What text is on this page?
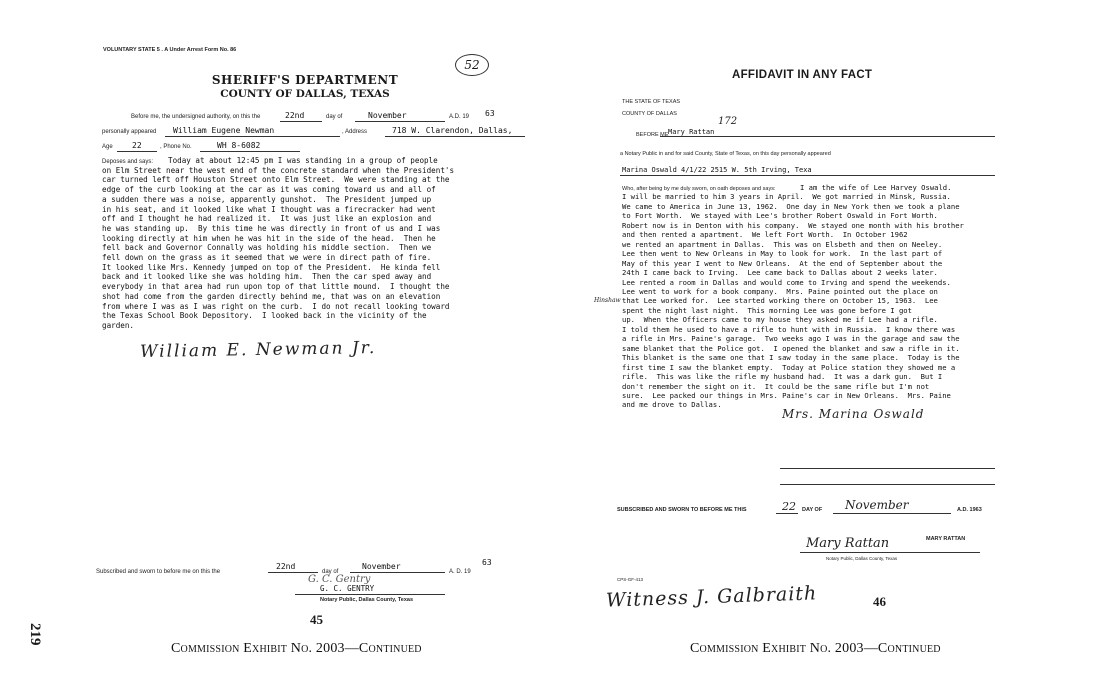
219
VOLUNTARY STATE 5 . A Under Arrest Form No. 86
SHERIFF'S DEPARTMENT
COUNTY OF DALLAS, TEXAS
52
Before me, the undersigned authority, on this the	22nd	day of	November	A.D. 19 63
personally appeared William Eugene Newman	, Address	718 W. Clarendon, Dallas,
Age 22	, Phone No.	WH 8-6082
Deposes and says:	Today at about 12:45 pm I was standing in a group of people
on Elm Street near the west end of the concrete standard when the President's
car turned left off Houston Street onto Elm Street.  We were standing at the
edge of the curb looking at the car as it was coming toward us and all of
a sudden there was a noise, apparently gunshot.  The President jumped up
in his seat, and it looked like what I thought was a firecracker had went
off and I thought he had realized it.  It was just like an explosion and
he was standing up.  By this time he was directly in front of us and I was
looking directly at him when he was hit in the side of the head.  Then he
fell back and Governor Connally was holding his middle section.  Then we
fell down on the grass as it seemed that we were in direct path of fire.
It looked like Mrs. Kennedy jumped on top of the President.  He kinda fell
back and it looked like she was holding him.  Then the car sped away and
everybody in that area had run upon top of that little mound.  I thought the
shot had come from the garden directly behind me, that was on an elevation
from where I was as I was right on the curb.  I do not recall looking toward
the Texas School Book Depository.  I looked back in the vicinity of the
garden.
William E. Newman Jr.
Subscribed and sworn to before me on this the
22nd
day of
November
A. D. 19
63
G. C. Gentry
G. C. GENTRY
Notary Public, Dallas County, Texas
45
AFFIDAVIT IN ANY FACT
THE STATE OF TEXAS
COUNTY OF DALLAS
BEFORE ME Mary Rattan
172
a Notary Public in and for said County, State of Texas, on this day personally appeared
Marina Oswald 4/1/22 2515 W. 5th Irving, Texa
Who, after being by me duly sworn, on oath deposes and says:	I am the wife of Lee Harvey Oswald.
I will be married to him 3 years in April.  We got married in Minsk, Russia.
We came to America in June 13, 1962.  One day in New York then we took a plane
to Fort Worth.  We stayed with Lee's brother Robert Oswald in Fort Worth.
Robert now is in Denton with his company.  We stayed one month with his brother
and then rented a apartment.  We left Fort Worth.  In October 1962
we rented an apartment in Dallas.  This was on Elsbeth and then on Neeley.
Lee then went to New Orleans in May to look for work.  In the last part of
May of this year I went to New Orleans.  At the end of September about the
24th I came back to Irving.  Lee came back to Dallas about 2 weeks later.
Lee rented a room in Dallas and would come to Irving and spend the weekends.
Lee went to work for a book company.  Mrs. Paine pointed out the place on
that Lee worked for.  Lee started working there on October 15, 1963.  Lee
spent the night last night.  This morning Lee was gone before I got
up.  When the Officers came to my house they asked me if Lee had a rifle.
I told them he used to have a rifle to hunt with in Russia.  I know there was
a rifle in Mrs. Paine's garage.  Two weeks ago I was in the garage and saw the
same blanket that the Police got.  I opened the blanket and saw a rifle in it.
This blanket is the same one that I saw today in the same place.  Today is the
first time I saw the blanket empty.  Today at Police station they showed me a
rifle.  This was like the rifle my husband had.  It was a dark gun.  But I
don't remember the sight on it.  It could be the same rifle but I'm not
sure.  Lee packed our things in Mrs. Paine's car in New Orleans.  Mrs. Paine
and me drove to Dallas.
Hinshaw
Mrs. Marina Oswald
SUBSCRIBED AND SWORN TO BEFORE ME THIS	22 DAY OF November	A.D. 1963
MARY RATTAN
Mary Rattan
Notary Public, Dallas County, Texas
CPS-GF-413
Witness J. Galbraith	46
Commission Exhibit No. 2003—Continued	Commission Exhibit No. 2003—Continued
